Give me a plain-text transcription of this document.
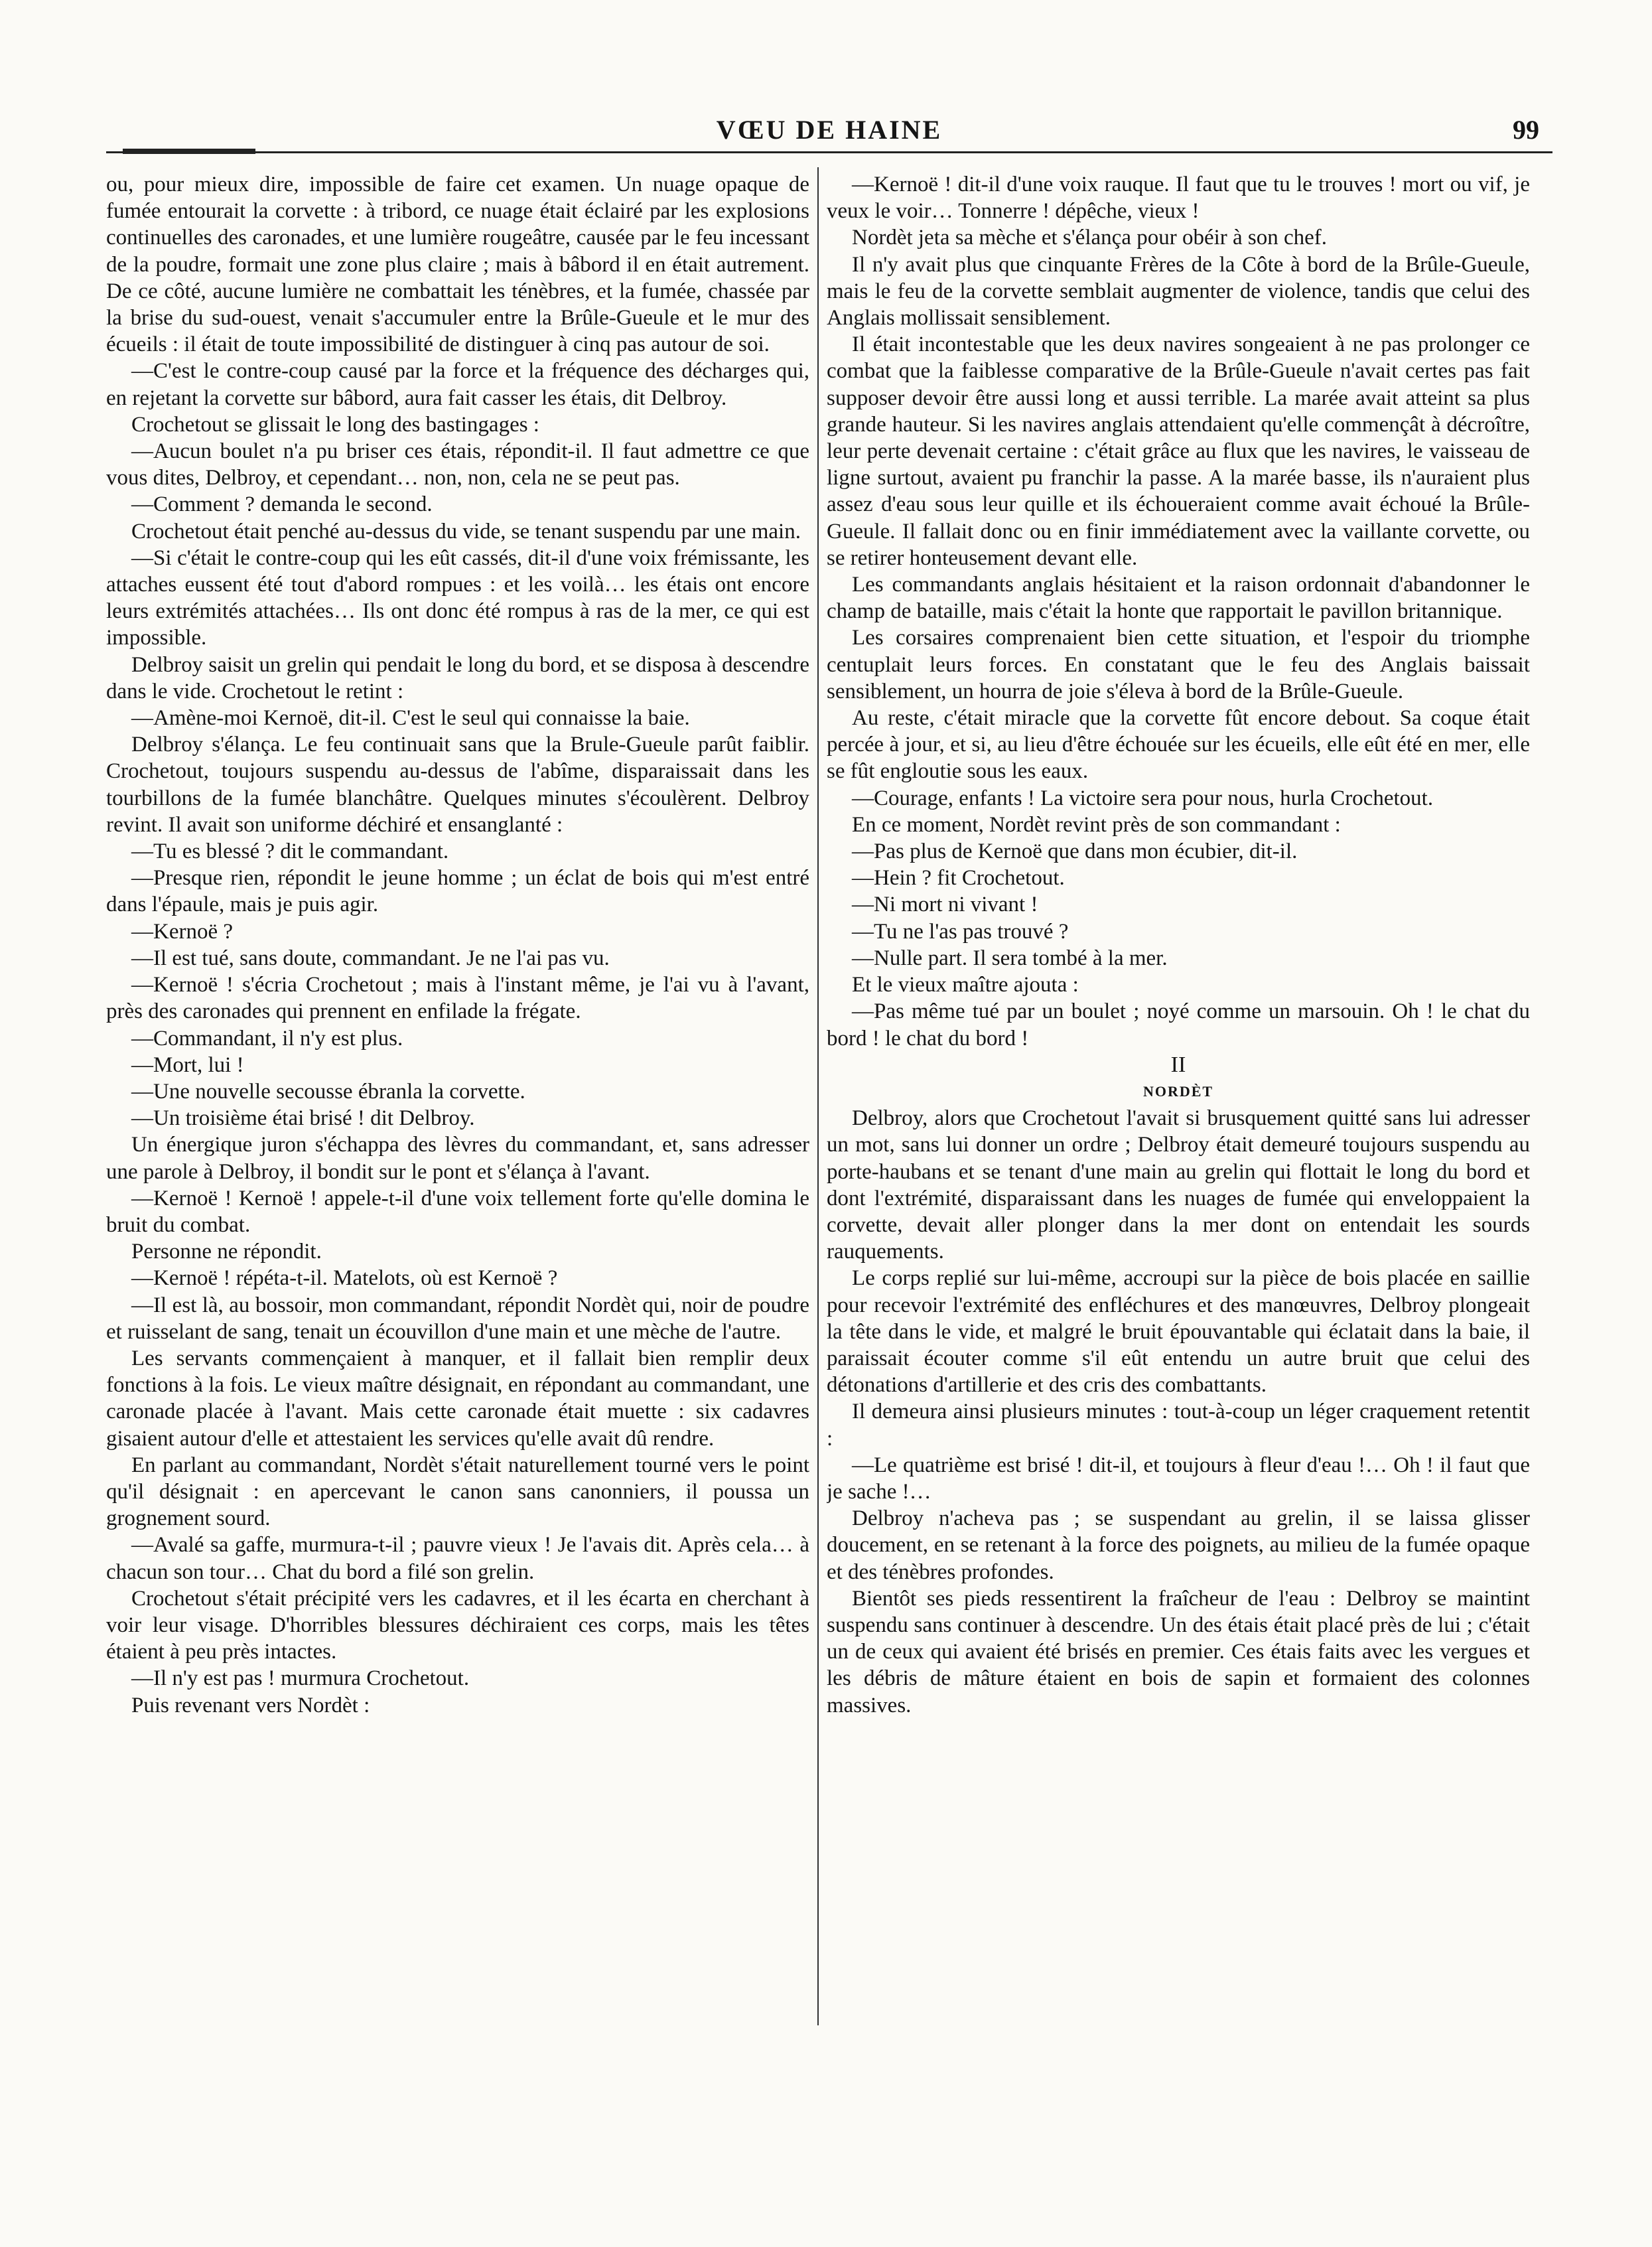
VŒU DE HAINE	99

ou, pour mieux dire, impossible de faire cet examen. Un nuage opaque de fumée entourait la corvette : à tribord, ce nuage était éclairé par les explosions continuelles des caronades, et une lumière rougeâtre, causée par le feu incessant de la poudre, formait une zone plus claire ; mais à bâbord il en était autrement. De ce côté, aucune lumière ne combattait les ténèbres, et la fumée, chassée par la brise du sud-ouest, venait s'accumuler entre la Brûle-Gueule et le mur des écueils : il était de toute impossibilité de distinguer à cinq pas autour de soi.

—C'est le contre-coup causé par la force et la fréquence des décharges qui, en rejetant la corvette sur bâbord, aura fait casser les étais, dit Delbroy.

Crochetout se glissait le long des bastingages :

—Aucun boulet n'a pu briser ces étais, répondit-il. Il faut admettre ce que vous dites, Delbroy, et cependant… non, non, cela ne se peut pas.

—Comment ? demanda le second.

Crochetout était penché au-dessus du vide, se tenant suspendu par une main.

—Si c'était le contre-coup qui les eût cassés, dit-il d'une voix frémissante, les attaches eussent été tout d'abord rompues : et les voilà… les étais ont encore leurs extrémités attachées… Ils ont donc été rompus à ras de la mer, ce qui est impossible.

Delbroy saisit un grelin qui pendait le long du bord, et se disposa à descendre dans le vide. Crochetout le retint :

—Amène-moi Kernoë, dit-il. C'est le seul qui connaisse la baie.

Delbroy s'élança. Le feu continuait sans que la Brule-Gueule parût faiblir. Crochetout, toujours suspendu au-dessus de l'abîme, disparaissait dans les tourbillons de la fumée blanchâtre. Quelques minutes s'écoulèrent. Delbroy revint. Il avait son uniforme déchiré et ensanglanté :

—Tu es blessé ? dit le commandant.

—Presque rien, répondit le jeune homme ; un éclat de bois qui m'est entré dans l'épaule, mais je puis agir.

—Kernoë ?

—Il est tué, sans doute, commandant. Je ne l'ai pas vu.

—Kernoë ! s'écria Crochetout ; mais à l'instant même, je l'ai vu à l'avant, près des caronades qui prennent en enfilade la frégate.

—Commandant, il n'y est plus.

—Mort, lui !

—Une nouvelle secousse ébranla la corvette.

—Un troisième étai brisé ! dit Delbroy.

Un énergique juron s'échappa des lèvres du commandant, et, sans adresser une parole à Delbroy, il bondit sur le pont et s'élança à l'avant.

—Kernoë ! Kernoë ! appele-t-il d'une voix tellement forte qu'elle domina le bruit du combat.

Personne ne répondit.

—Kernoë ! répéta-t-il. Matelots, où est Kernoë ?

—Il est là, au bossoir, mon commandant, répondit Nordèt qui, noir de poudre et ruisselant de sang, tenait un écouvillon d'une main et une mèche de l'autre.

Les servants commençaient à manquer, et il fallait bien remplir deux fonctions à la fois. Le vieux maître désignait, en répondant au commandant, une caronade placée à l'avant. Mais cette caronade était muette : six cadavres gisaient autour d'elle et attestaient les services qu'elle avait dû rendre.

En parlant au commandant, Nordèt s'était naturellement tourné vers le point qu'il désignait : en apercevant le canon sans canonniers, il poussa un grognement sourd.

—Avalé sa gaffe, murmura-t-il ; pauvre vieux ! Je l'avais dit. Après cela… à chacun son tour… Chat du bord a filé son grelin.

Crochetout s'était précipité vers les cadavres, et il les écarta en cherchant à voir leur visage. D'horribles blessures déchiraient ces corps, mais les têtes étaient à peu près intactes.

—Il n'y est pas ! murmura Crochetout.

Puis revenant vers Nordèt :

—Kernoë ! dit-il d'une voix rauque. Il faut que tu le trouves ! mort ou vif, je veux le voir… Tonnerre ! dépêche, vieux !

Nordèt jeta sa mèche et s'élança pour obéir à son chef.

Il n'y avait plus que cinquante Frères de la Côte à bord de la Brûle-Gueule, mais le feu de la corvette semblait augmenter de violence, tandis que celui des Anglais mollissait sensiblement.

Il était incontestable que les deux navires songeaient à ne pas prolonger ce combat que la faiblesse comparative de la Brûle-Gueule n'avait certes pas fait supposer devoir être aussi long et aussi terrible. La marée avait atteint sa plus grande hauteur. Si les navires anglais attendaient qu'elle commençât à décroître, leur perte devenait certaine : c'était grâce au flux que les navires, le vaisseau de ligne surtout, avaient pu franchir la passe. A la marée basse, ils n'auraient plus assez d'eau sous leur quille et ils échoueraient comme avait échoué la Brûle-Gueule. Il fallait donc ou en finir immédiatement avec la vaillante corvette, ou se retirer honteusement devant elle.

Les commandants anglais hésitaient et la raison ordonnait d'abandonner le champ de bataille, mais c'était la honte que rapportait le pavillon britannique.

Les corsaires comprenaient bien cette situation, et l'espoir du triomphe centuplait leurs forces. En constatant que le feu des Anglais baissait sensiblement, un hourra de joie s'éleva à bord de la Brûle-Gueule.

Au reste, c'était miracle que la corvette fût encore debout. Sa coque était percée à jour, et si, au lieu d'être échouée sur les écueils, elle eût été en mer, elle se fût engloutie sous les eaux.

—Courage, enfants ! La victoire sera pour nous, hurla Crochetout.

En ce moment, Nordèt revint près de son commandant :

—Pas plus de Kernoë que dans mon écubier, dit-il.

—Hein ? fit Crochetout.

—Ni mort ni vivant !

—Tu ne l'as pas trouvé ?

—Nulle part. Il sera tombé à la mer.

Et le vieux maître ajouta :

—Pas même tué par un boulet ; noyé comme un marsouin. Oh ! le chat du bord ! le chat du bord !

II

NORDÈT

Delbroy, alors que Crochetout l'avait si brusquement quitté sans lui adresser un mot, sans lui donner un ordre ; Delbroy était demeuré toujours suspendu au porte-haubans et se tenant d'une main au grelin qui flottait le long du bord et dont l'extrémité, disparaissant dans les nuages de fumée qui enveloppaient la corvette, devait aller plonger dans la mer dont on entendait les sourds rauquements.

Le corps replié sur lui-même, accroupi sur la pièce de bois placée en saillie pour recevoir l'extrémité des enfléchures et des manœuvres, Delbroy plongeait la tête dans le vide, et malgré le bruit épouvantable qui éclatait dans la baie, il paraissait écouter comme s'il eût entendu un autre bruit que celui des détonations d'artillerie et des cris des combattants.

Il demeura ainsi plusieurs minutes : tout-à-coup un léger craquement retentit :

—Le quatrième est brisé ! dit-il, et toujours à fleur d'eau !… Oh ! il faut que je sache !…

Delbroy n'acheva pas ; se suspendant au grelin, il se laissa glisser doucement, en se retenant à la force des poignets, au milieu de la fumée opaque et des ténèbres profondes.

Bientôt ses pieds ressentirent la fraîcheur de l'eau : Delbroy se maintint suspendu sans continuer à descendre. Un des étais était placé près de lui ; c'était un de ceux qui avaient été brisés en premier. Ces étais faits avec les vergues et les débris de mâture étaient en bois de sapin et formaient des colonnes massives.
